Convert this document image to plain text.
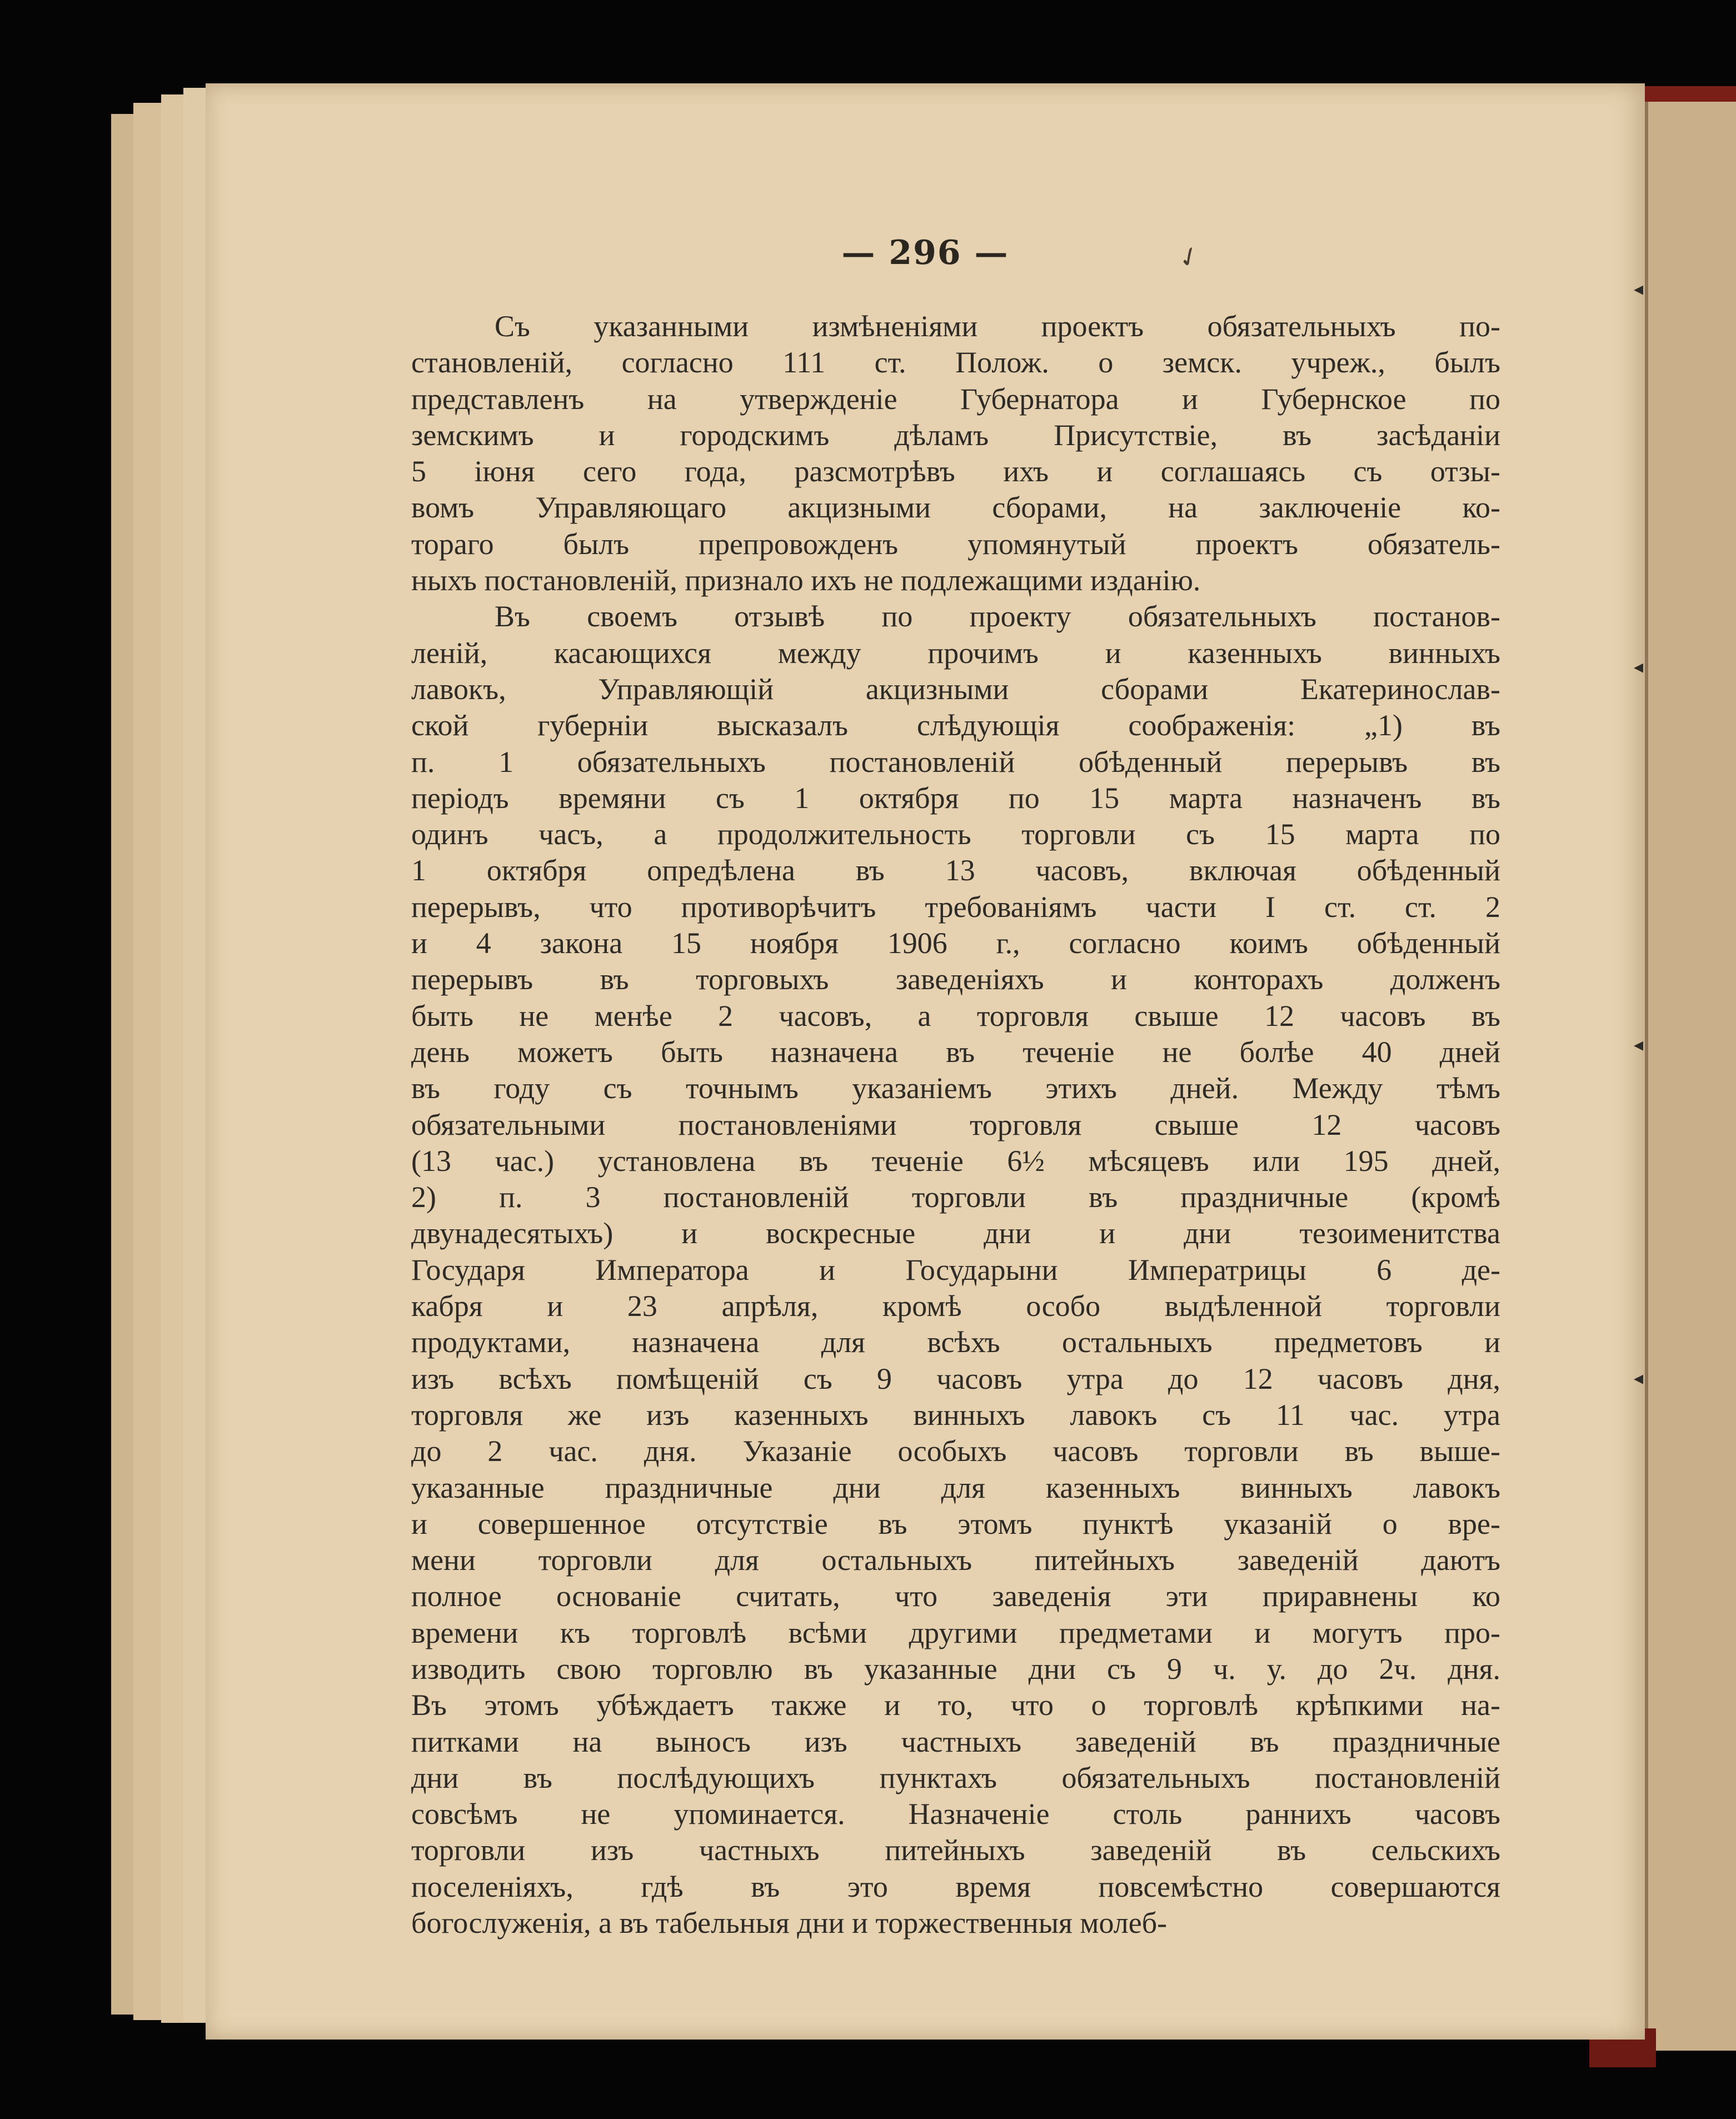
— 296 —	✓
Съ указанными измѣненіями проектъ обязательныхъ по-
становленій, согласно 111 ст. Полож. о земск. учреж., былъ
представленъ на утвержденіе Губернатора и Губернское по
земскимъ и городскимъ дѣламъ Присутствіе, въ засѣданіи
5 іюня сего года, разсмотрѣвъ ихъ и соглашаясь съ отзы-
вомъ Управляющаго акцизными сборами, на заключеніе ко-
тораго былъ препровожденъ упомянутый проектъ обязатель-
ныхъ постановленій, признало ихъ не подлежащими изданію.
Въ своемъ отзывѣ по проекту обязательныхъ постанов-
леній, касающихся между прочимъ и казенныхъ винныхъ
лавокъ, Управляющій акцизными сборами Екатеринослав-
ской губерніи высказалъ слѣдующія соображенія: „1) въ
п. 1 обязательныхъ постановленій обѣденный перерывъ въ
періодъ времяни съ 1 октября по 15 марта назначенъ въ
одинъ часъ, а продолжительность торговли съ 15 марта по
1 октября опредѣлена въ 13 часовъ, включая обѣденный
перерывъ, что противорѣчитъ требованіямъ части I ст. ст. 2
и 4 закона 15 ноября 1906 г., согласно коимъ обѣденный
перерывъ въ торговыхъ заведеніяхъ и конторахъ долженъ
быть не менѣе 2 часовъ, а торговля свыше 12 часовъ въ
день можетъ быть назначена въ теченіе не болѣе 40 дней
въ году съ точнымъ указаніемъ этихъ дней. Между тѣмъ
обязательными постановленіями торговля свыше 12 часовъ
(13 час.) установлена въ теченіе 6½ мѣсяцевъ или 195 дней,
2) п. 3 постановленій торговли въ праздничные (кромѣ
двунадесятыхъ) и воскресные дни и дни тезоименитства
Государя Императора и Государыни Императрицы 6 де-
кабря и 23 апрѣля, кромѣ особо выдѣленной торговли
продуктами, назначена для всѣхъ остальныхъ предметовъ и
изъ всѣхъ помѣщеній съ 9 часовъ утра до 12 часовъ дня,
торговля же изъ казенныхъ винныхъ лавокъ съ 11 час. утра
до 2 час. дня. Указаніе особыхъ часовъ торговли въ выше-
указанные праздничные дни для казенныхъ винныхъ лавокъ
и совершенное отсутствіе въ этомъ пунктѣ указаній о вре-
мени торговли для остальныхъ питейныхъ заведеній даютъ
полное основаніе считать, что заведенія эти приравнены ко
времени къ торговлѣ всѣми другими предметами и могутъ про-
изводить свою торговлю въ указанные дни съ 9 ч. у. до 2ч. дня.
Въ этомъ убѣждаетъ также и то, что о торговлѣ крѣпкими на-
питками на выносъ изъ частныхъ заведеній въ праздничные
дни въ послѣдующихъ пунктахъ обязательныхъ постановленій
совсѣмъ не упоминается. Назначеніе столь раннихъ часовъ
торговли изъ частныхъ питейныхъ заведеній въ сельскихъ
поселеніяхъ, гдѣ въ это время повсемѣстно совершаются
богослуженія, а въ табельныя дни и торжественныя молеб-
◂
◂
◂
◂
